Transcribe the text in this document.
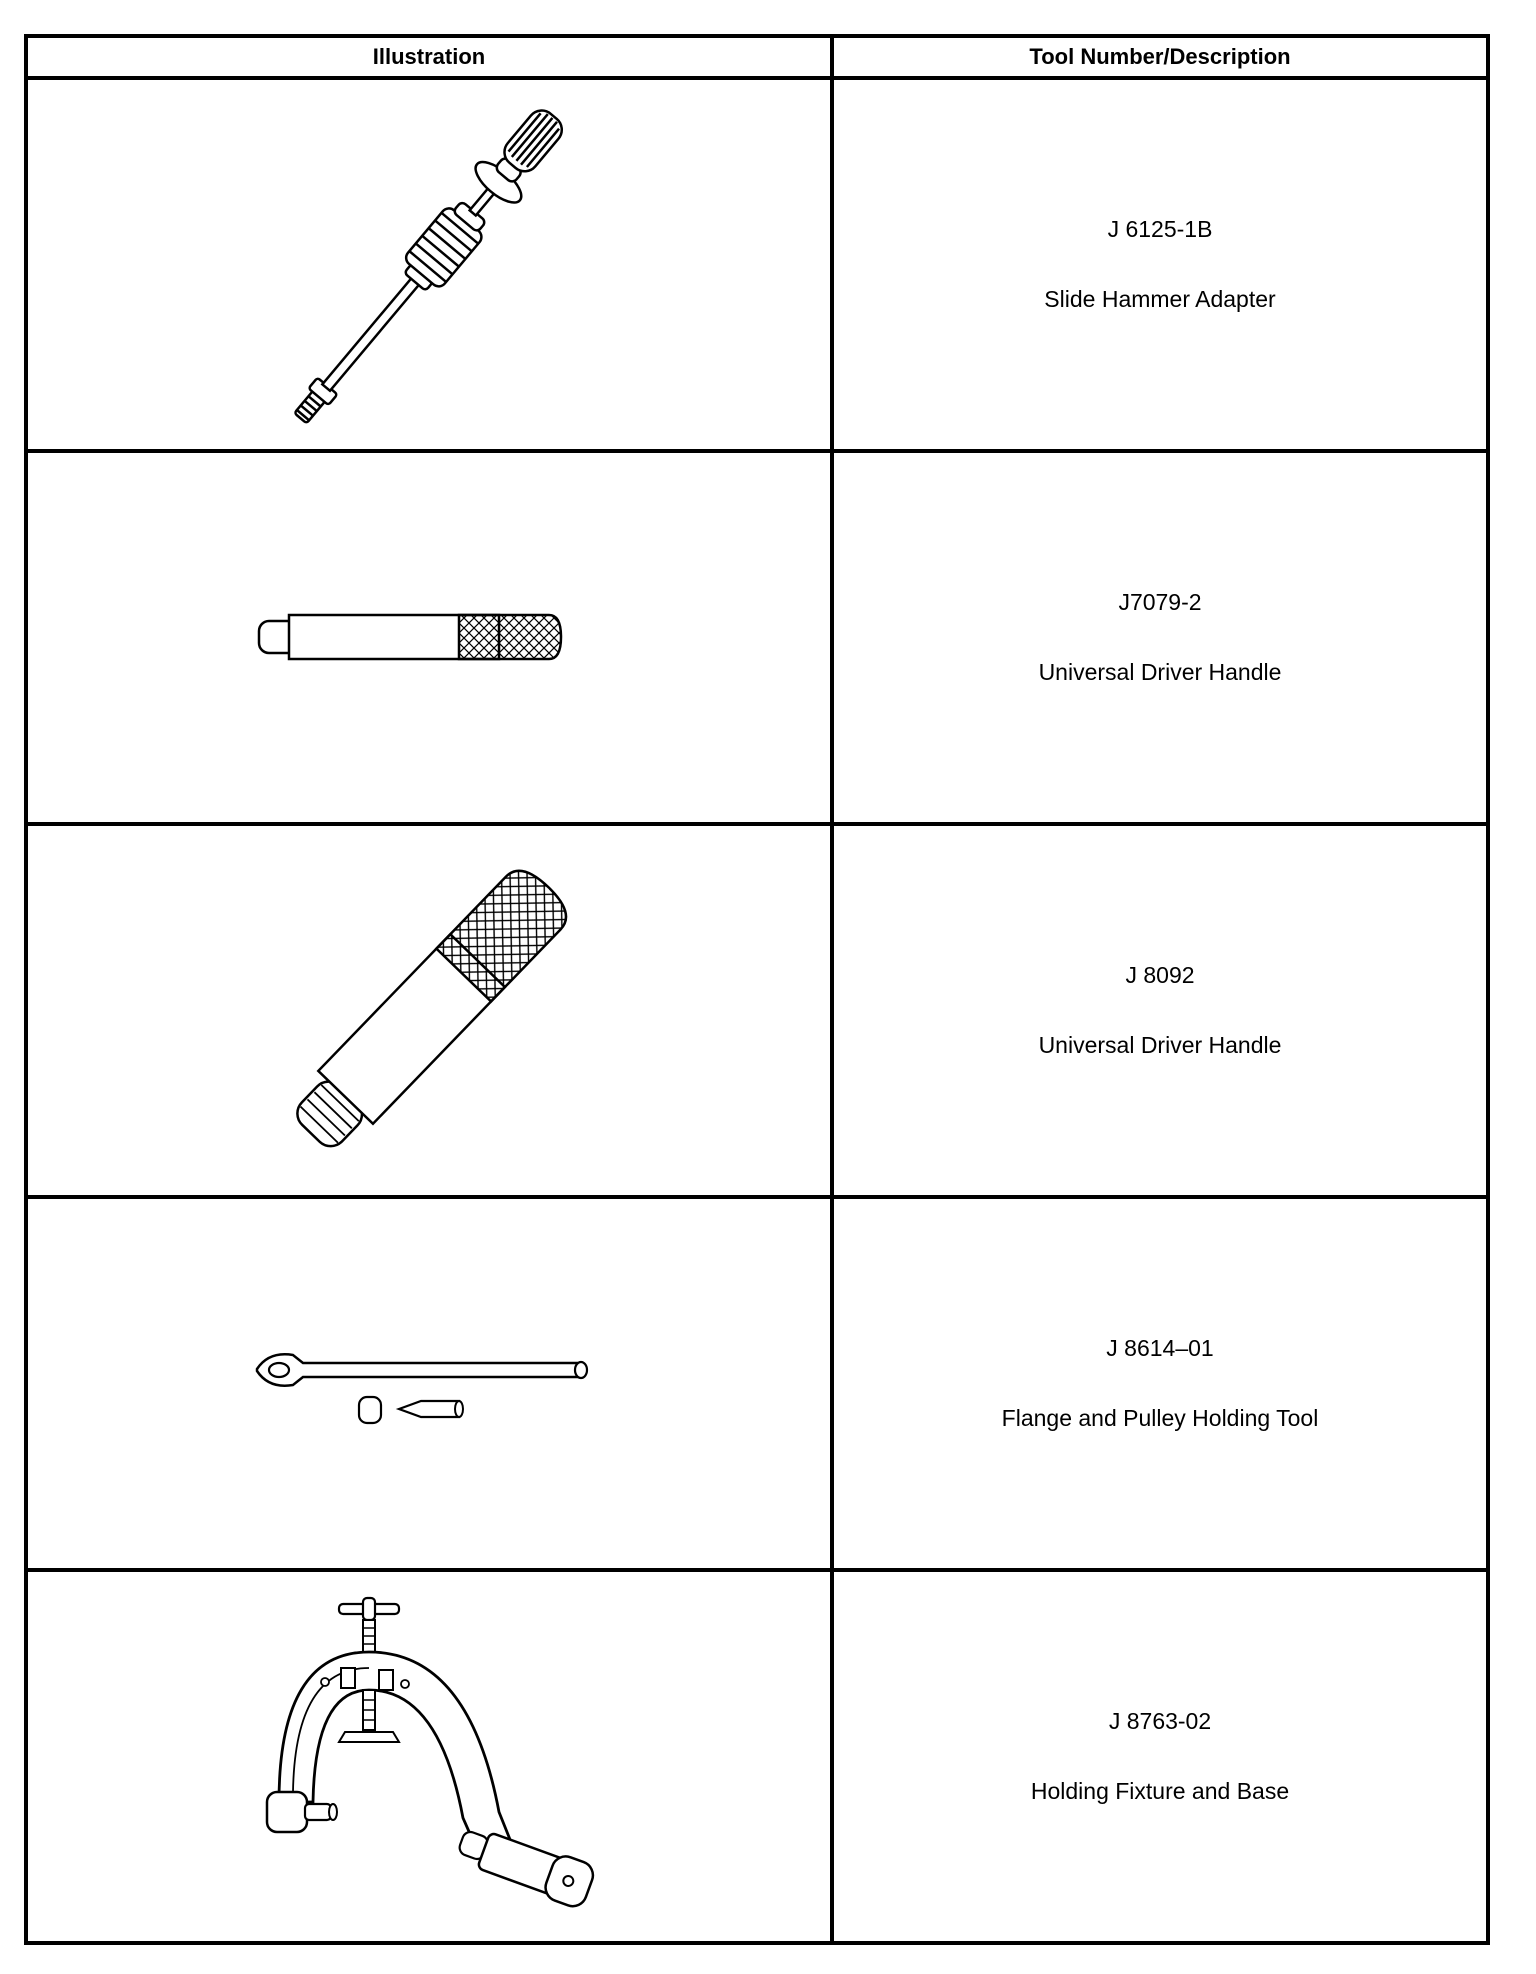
Illustration	Tool Number/Description

J 6125-1B
Slide Hammer Adapter

J7079-2
Universal Driver Handle

J 8092
Universal Driver Handle

J 8614–01
Flange and Pulley Holding Tool

J 8763-02
Holding Fixture and Base
